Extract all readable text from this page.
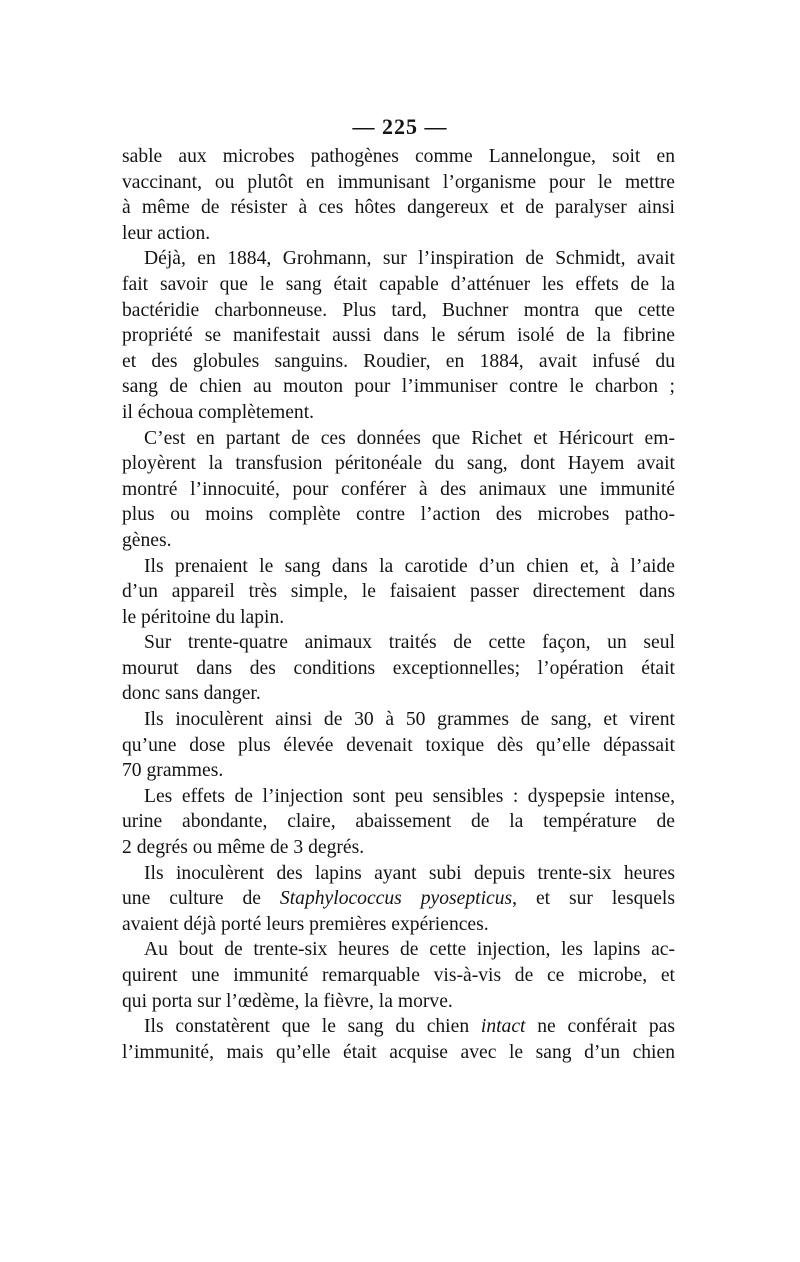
— 225 —
sable aux microbes pathogènes comme Lannelongue, soit en
vaccinant, ou plutôt en immunisant l’organisme pour le mettre
à même de résister à ces hôtes dangereux et de paralyser ainsi
leur action.
Déjà, en 1884, Grohmann, sur l’inspiration de Schmidt, avait
fait savoir que le sang était capable d’atténuer les effets de la
bactéridie charbonneuse. Plus tard, Buchner montra que cette
propriété se manifestait aussi dans le sérum isolé de la fibrine
et des globules sanguins. Roudier, en 1884, avait infusé du
sang de chien au mouton pour l’immuniser contre le charbon ;
il échoua complètement.
C’est en partant de ces données que Richet et Héricourt em-
ployèrent la transfusion péritonéale du sang, dont Hayem avait
montré l’innocuité, pour conférer à des animaux une immunité
plus ou moins complète contre l’action des microbes patho-
gènes.
Ils prenaient le sang dans la carotide d’un chien et, à l’aide
d’un appareil très simple, le faisaient passer directement dans
le péritoine du lapin.
Sur trente-quatre animaux traités de cette façon, un seul
mourut dans des conditions exceptionnelles; l’opération était
donc sans danger.
Ils inoculèrent ainsi de 30 à 50 grammes de sang, et virent
qu’une dose plus élevée devenait toxique dès qu’elle dépassait
70 grammes.
Les effets de l’injection sont peu sensibles : dyspepsie intense,
urine abondante, claire, abaissement de la température de
2 degrés ou même de 3 degrés.
Ils inoculèrent des lapins ayant subi depuis trente-six heures
une culture de Staphylococcus pyosepticus, et sur lesquels
avaient déjà porté leurs premières expériences.
Au bout de trente-six heures de cette injection, les lapins ac-
quirent une immunité remarquable vis-à-vis de ce microbe, et
qui porta sur l’œdème, la fièvre, la morve.
Ils constatèrent que le sang du chien intact ne conférait pas
l’immunité, mais qu’elle était acquise avec le sang d’un chien
